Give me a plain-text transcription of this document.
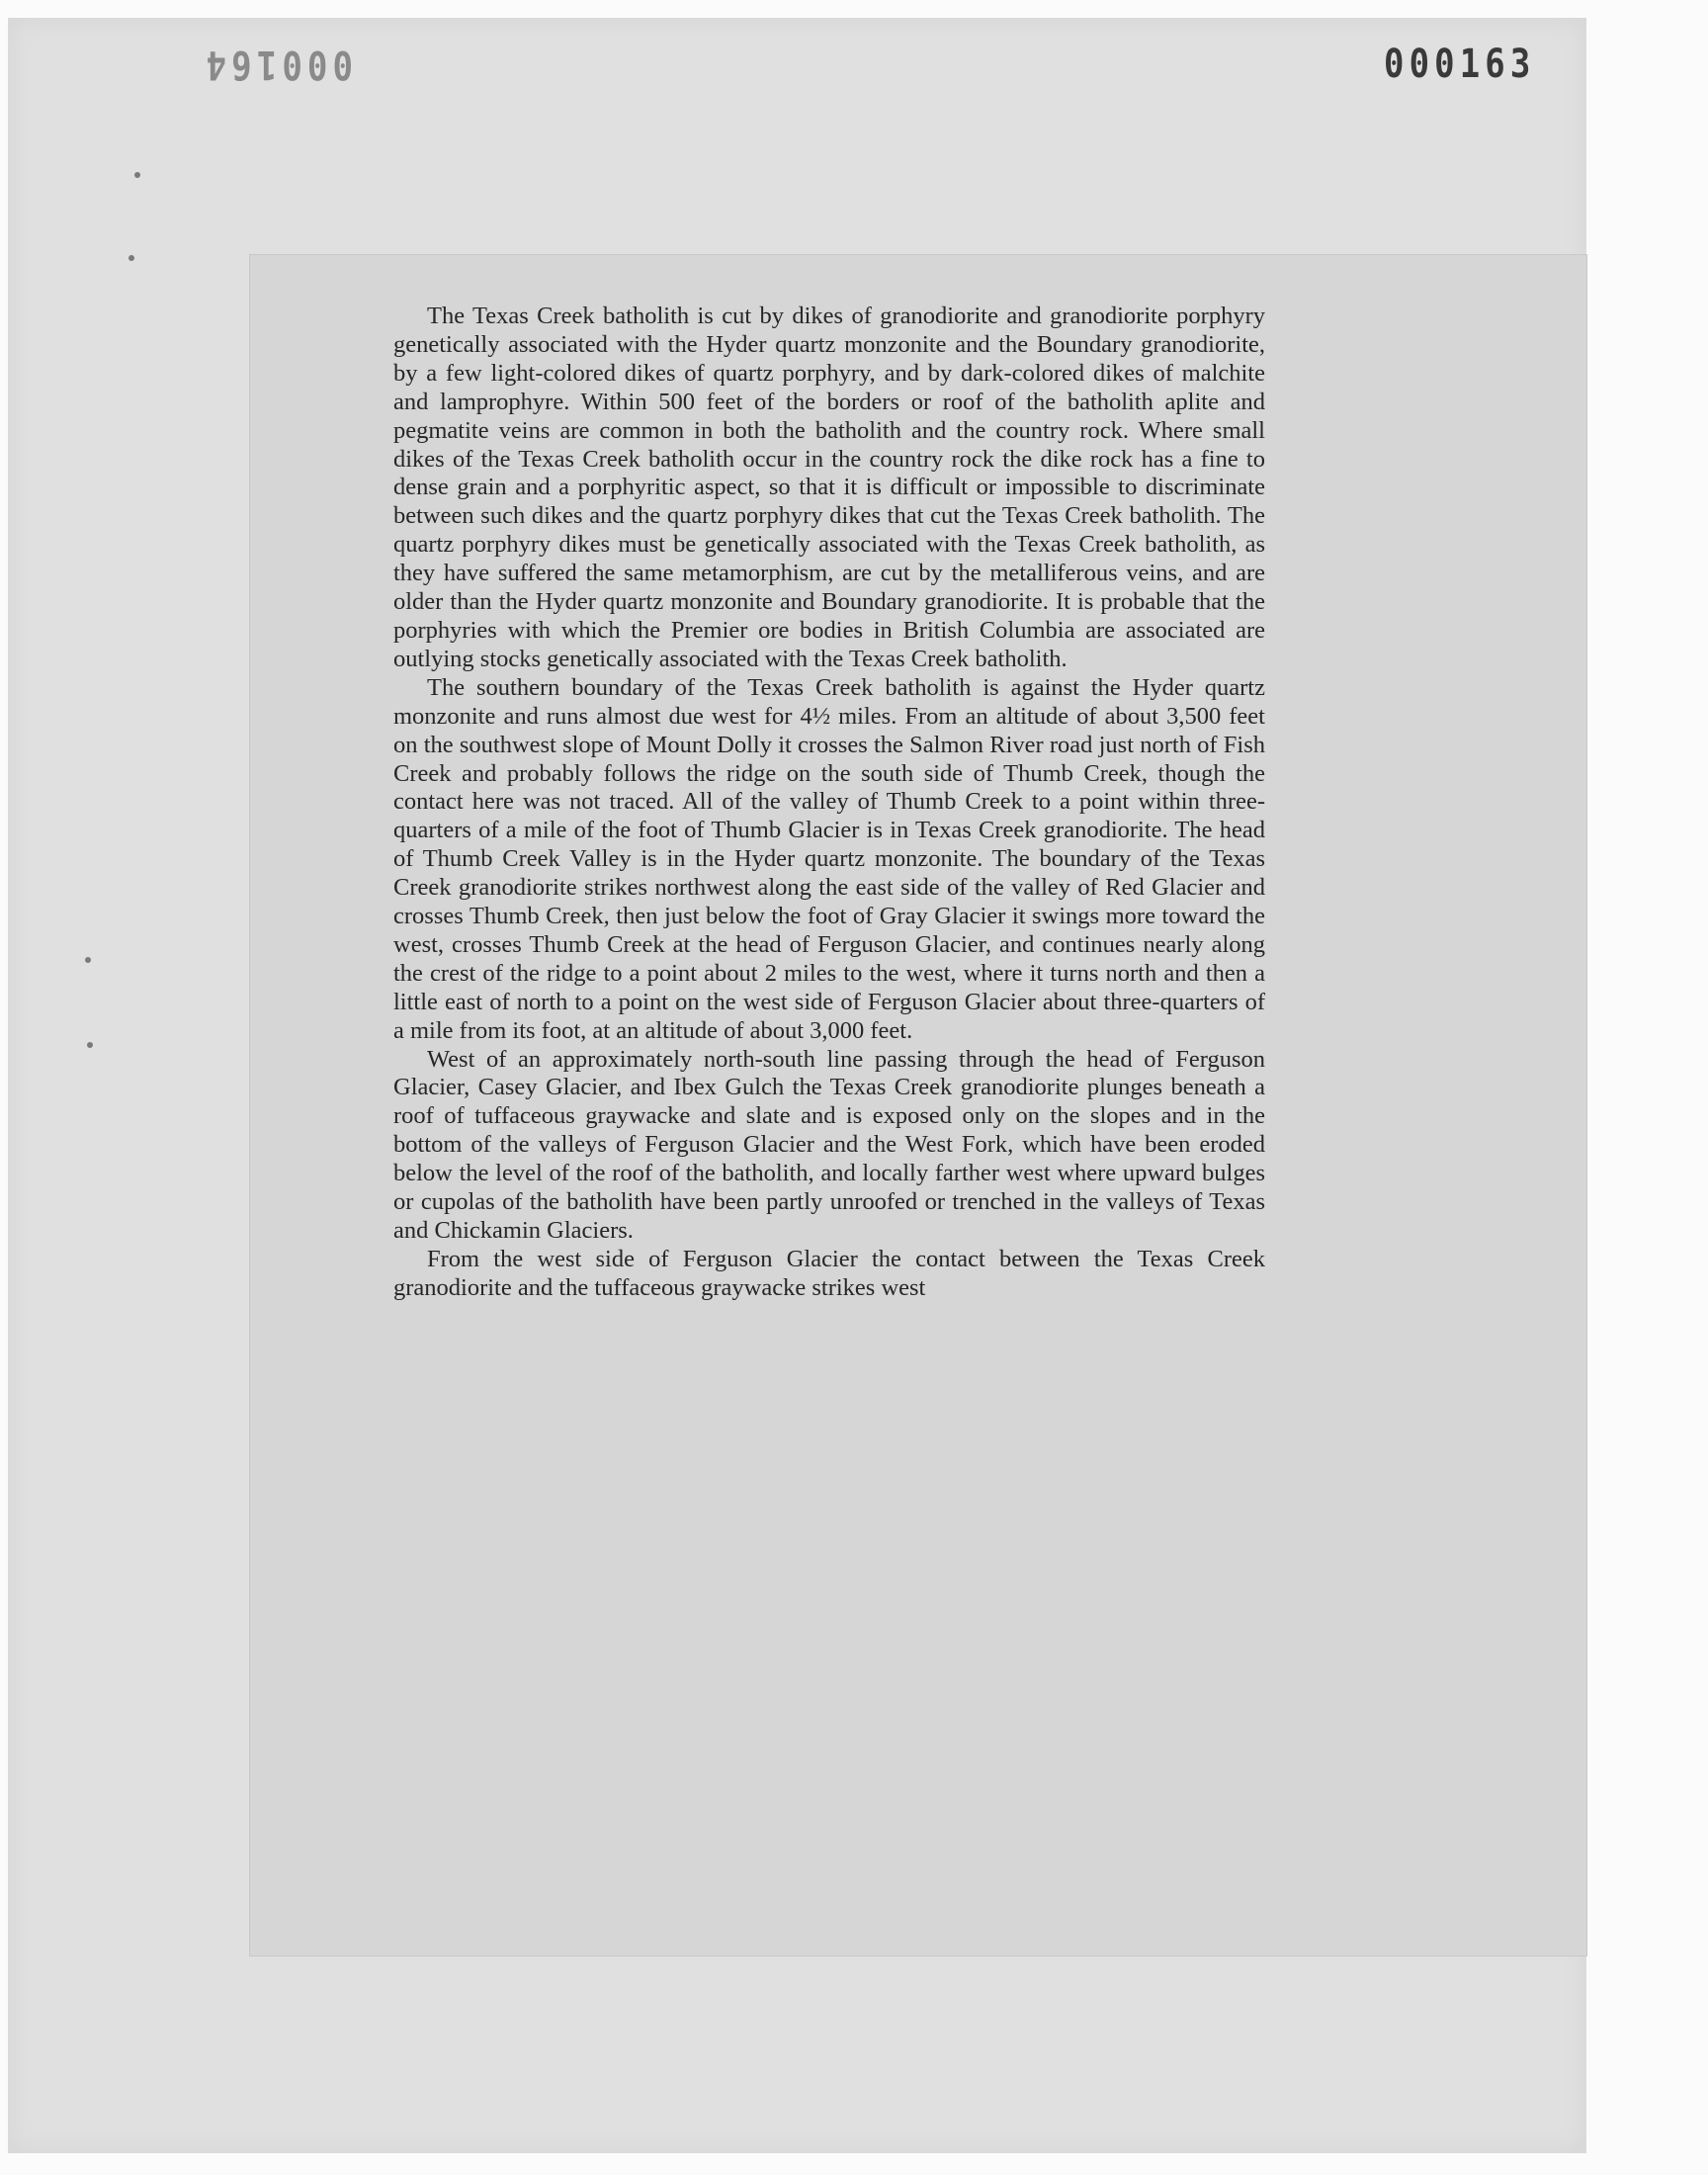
000164	000163

The Texas Creek batholith is cut by dikes of granodiorite and granodiorite porphyry genetically associated with the Hyder quartz monzonite and the Boundary granodiorite, by a few light-colored dikes of quartz porphyry, and by dark-colored dikes of malchite and lamprophyre. Within 500 feet of the borders or roof of the batholith aplite and pegmatite veins are common in both the batholith and the country rock. Where small dikes of the Texas Creek batholith occur in the country rock the dike rock has a fine to dense grain and a porphyritic aspect, so that it is difficult or impossible to discriminate between such dikes and the quartz porphyry dikes that cut the Texas Creek batholith. The quartz porphyry dikes must be genetically associated with the Texas Creek batholith, as they have suffered the same metamorphism, are cut by the metalliferous veins, and are older than the Hyder quartz monzonite and Boundary granodiorite. It is probable that the porphyries with which the Premier ore bodies in British Columbia are associated are outlying stocks genetically associated with the Texas Creek batholith.

The southern boundary of the Texas Creek batholith is against the Hyder quartz monzonite and runs almost due west for 4½ miles. From an altitude of about 3,500 feet on the southwest slope of Mount Dolly it crosses the Salmon River road just north of Fish Creek and probably follows the ridge on the south side of Thumb Creek, though the contact here was not traced. All of the valley of Thumb Creek to a point within three-quarters of a mile of the foot of Thumb Glacier is in Texas Creek granodiorite. The head of Thumb Creek Valley is in the Hyder quartz monzonite. The boundary of the Texas Creek granodiorite strikes northwest along the east side of the valley of Red Glacier and crosses Thumb Creek, then just below the foot of Gray Glacier it swings more toward the west, crosses Thumb Creek at the head of Ferguson Glacier, and continues nearly along the crest of the ridge to a point about 2 miles to the west, where it turns north and then a little east of north to a point on the west side of Ferguson Glacier about three-quarters of a mile from its foot, at an altitude of about 3,000 feet.

West of an approximately north-south line passing through the head of Ferguson Glacier, Casey Glacier, and Ibex Gulch the Texas Creek granodiorite plunges beneath a roof of tuffaceous graywacke and slate and is exposed only on the slopes and in the bottom of the valleys of Ferguson Glacier and the West Fork, which have been eroded below the level of the roof of the batholith, and locally farther west where upward bulges or cupolas of the batholith have been partly unroofed or trenched in the valleys of Texas and Chickamin Glaciers.

From the west side of Ferguson Glacier the contact between the Texas Creek granodiorite and the tuffaceous graywacke strikes west
